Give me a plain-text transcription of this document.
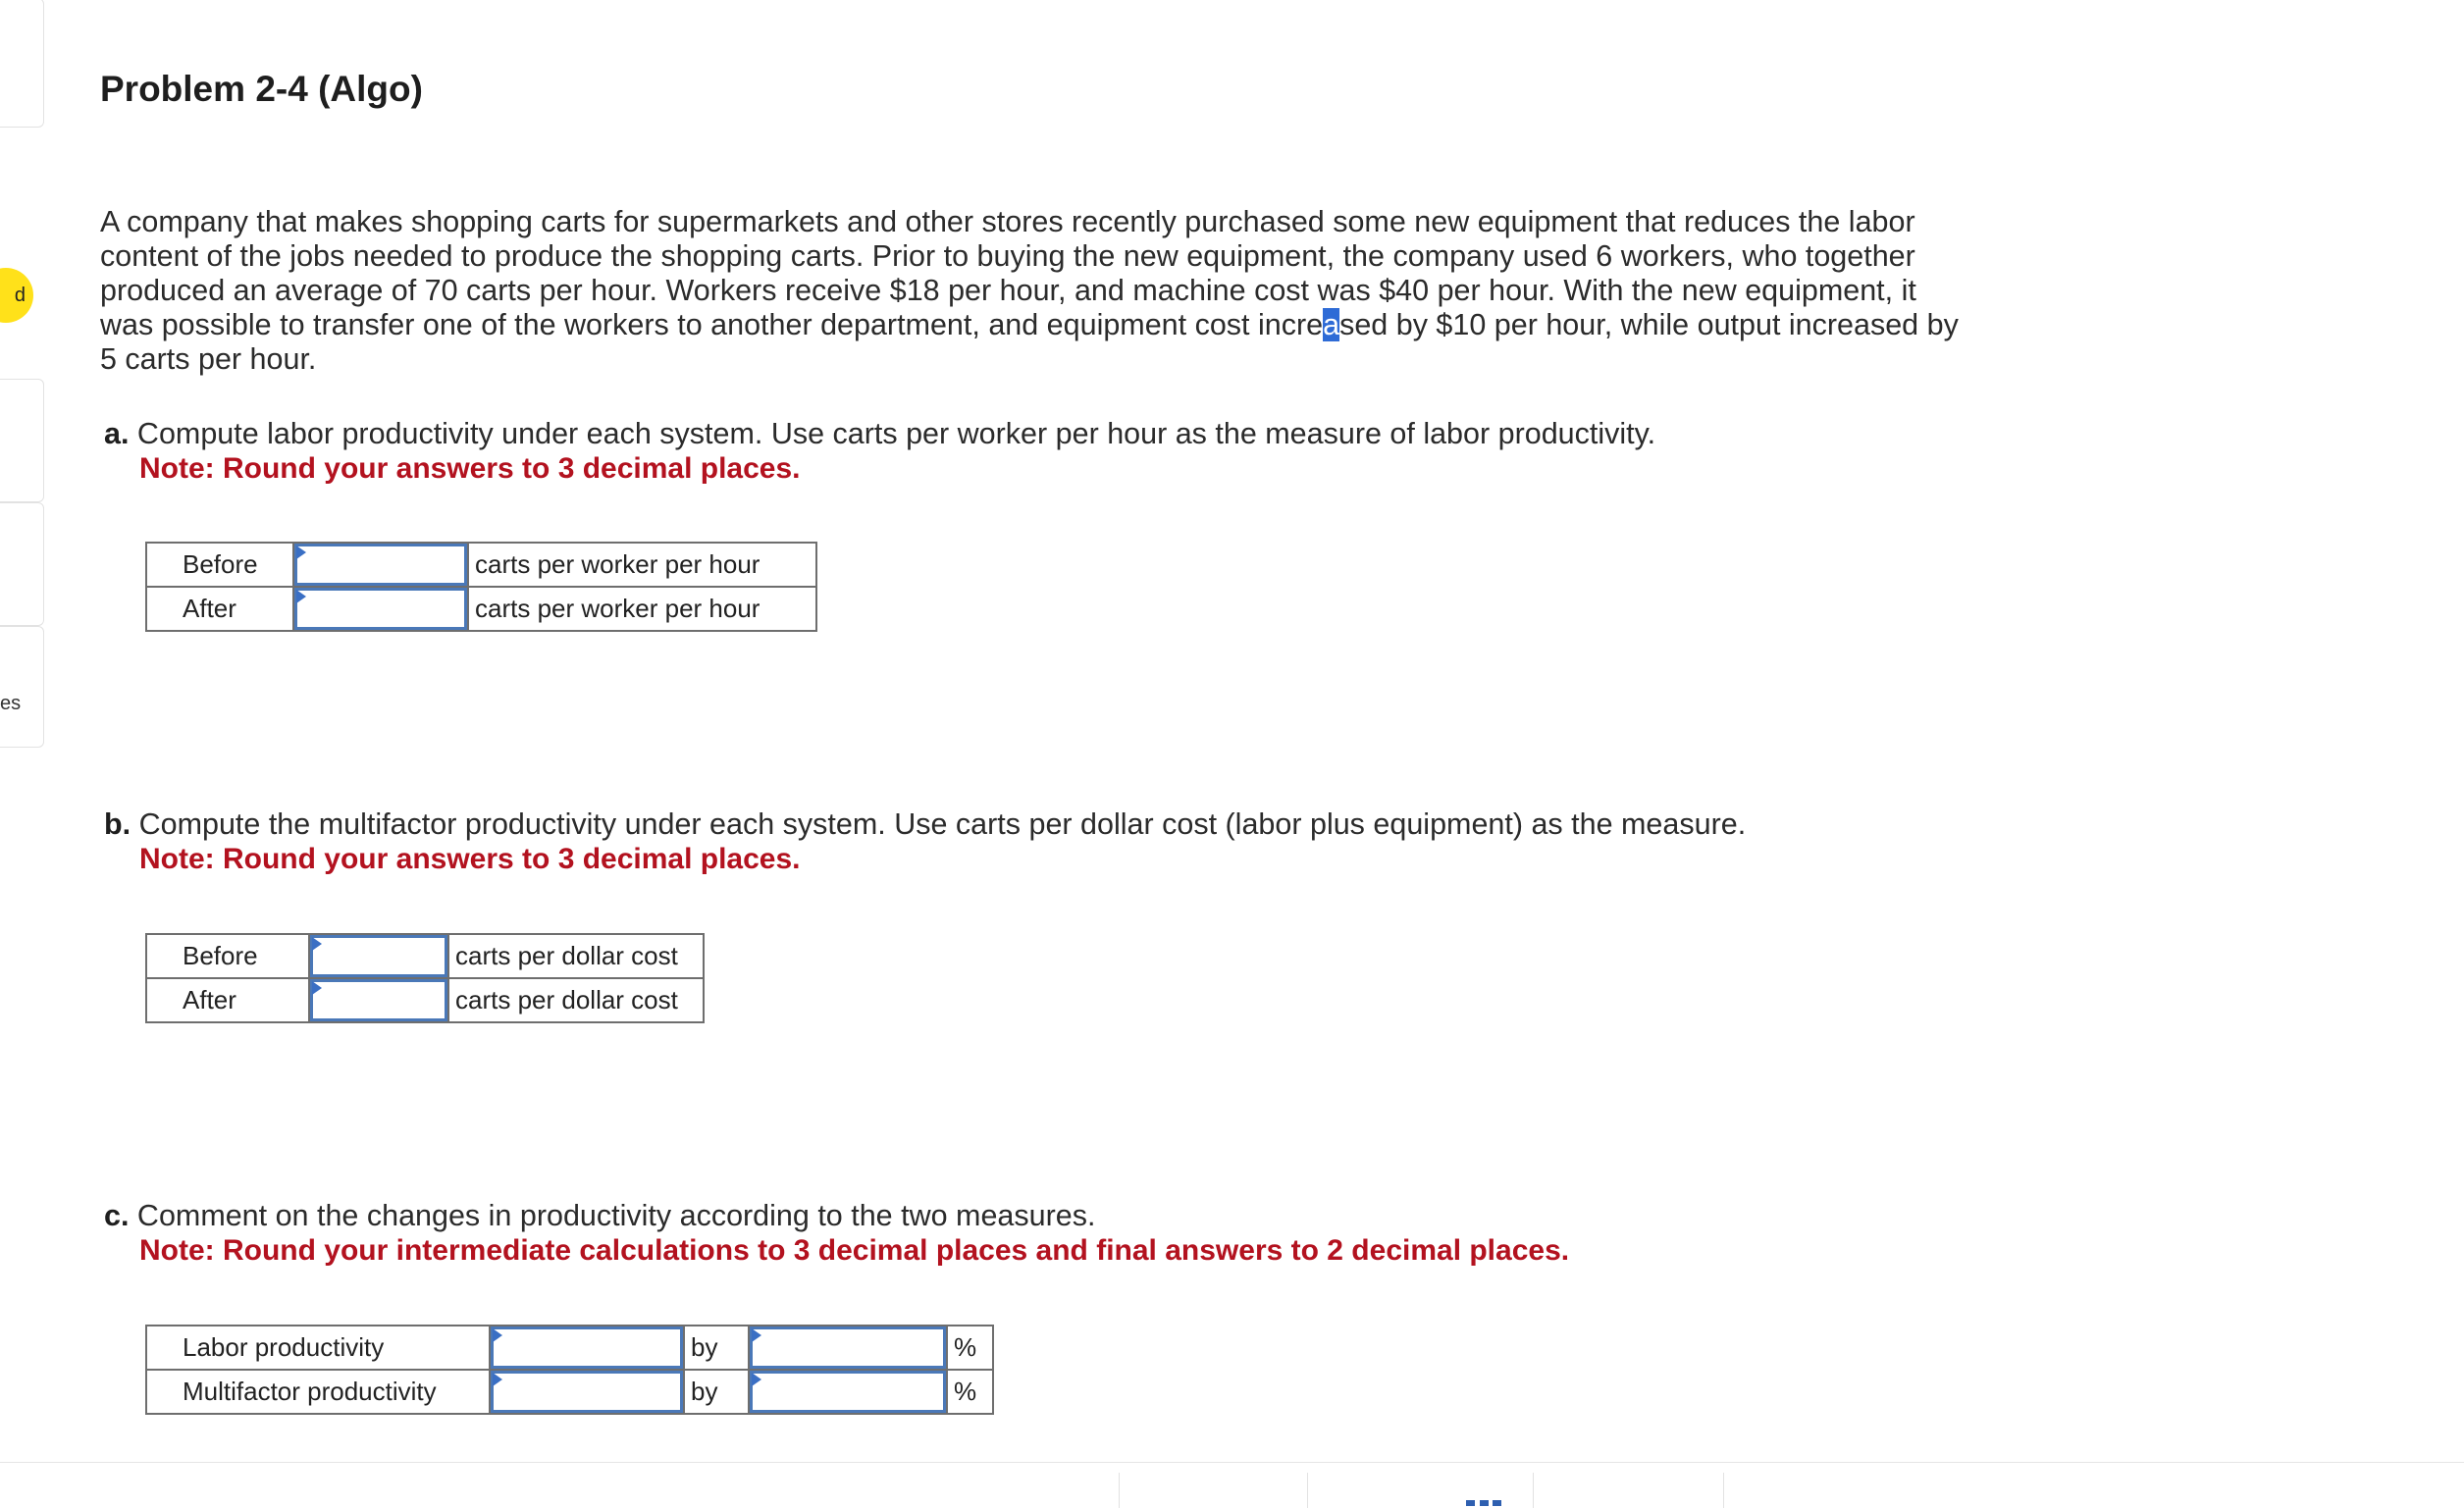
d
es
Problem 2-4 (Algo)

A company that makes shopping carts for supermarkets and other stores recently purchased some new equipment that reduces the labor content of the jobs needed to produce the shopping carts. Prior to buying the new equipment, the company used 6 workers, who together produced an average of 70 carts per hour. Workers receive $18 per hour, and machine cost was $40 per hour. With the new equipment, it was possible to transfer one of the workers to another department, and equipment cost increased by $10 per hour, while output increased by 5 carts per hour.

a. Compute labor productivity under each system. Use carts per worker per hour as the measure of labor productivity.

Note: Round your answers to 3 decimal places.

Before		carts per worker per hour
After		carts per worker per hour

b. Compute the multifactor productivity under each system. Use carts per dollar cost (labor plus equipment) as the measure.

Note: Round your answers to 3 decimal places.

Before		carts per dollar cost
After		carts per dollar cost

c. Comment on the changes in productivity according to the two measures.

Note: Round your intermediate calculations to 3 decimal places and final answers to 2 decimal places.

Labor productivity		by		%
Multifactor productivity		by		%
